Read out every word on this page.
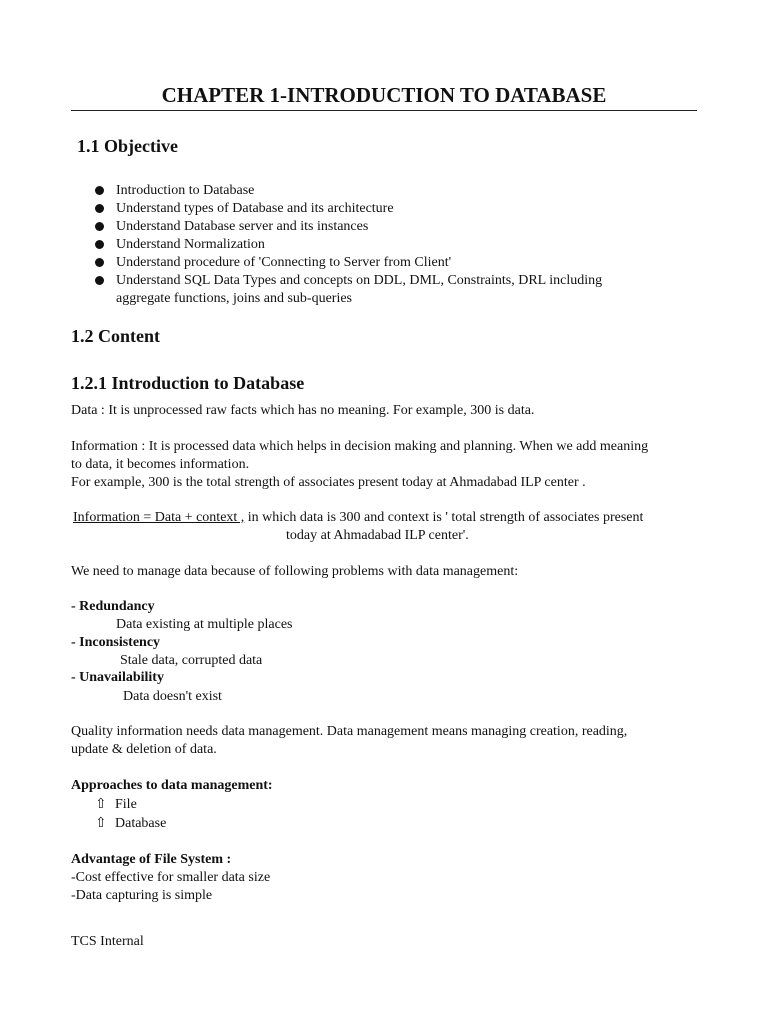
CHAPTER 1-INTRODUCTION TO DATABASE
1.1 Objective
Introduction to Database
Understand types of Database and its architecture
Understand Database server and its instances
Understand Normalization
Understand procedure of 'Connecting to Server from Client'
Understand SQL Data Types and concepts on DDL, DML, Constraints, DRL including
aggregate functions, joins and sub-queries
1.2 Content
1.2.1 Introduction to Database

Data : It is unprocessed raw facts which has no meaning. For example, 300 is data.

Information : It is processed data which helps in decision making and planning. When we add meaning

to data, it becomes information.

For example, 300 is the total strength of associates present today at Ahmadabad ILP center .

Information = Data + context , in which data is 300 and context is ' total strength of associates present

today at Ahmadabad ILP center'.

We need to manage data because of following problems with data management:

- Redundancy

Data existing at multiple places

- Inconsistency

Stale data, corrupted data

- Unavailability

Data doesn't exist

Quality information needs data management. Data management means managing creation, reading,

update & deletion of data.

Approaches to data management:

⇧ File

⇧ Database

Advantage of File System :

-Cost effective for smaller data size

-Data capturing is simple

TCS Internal
